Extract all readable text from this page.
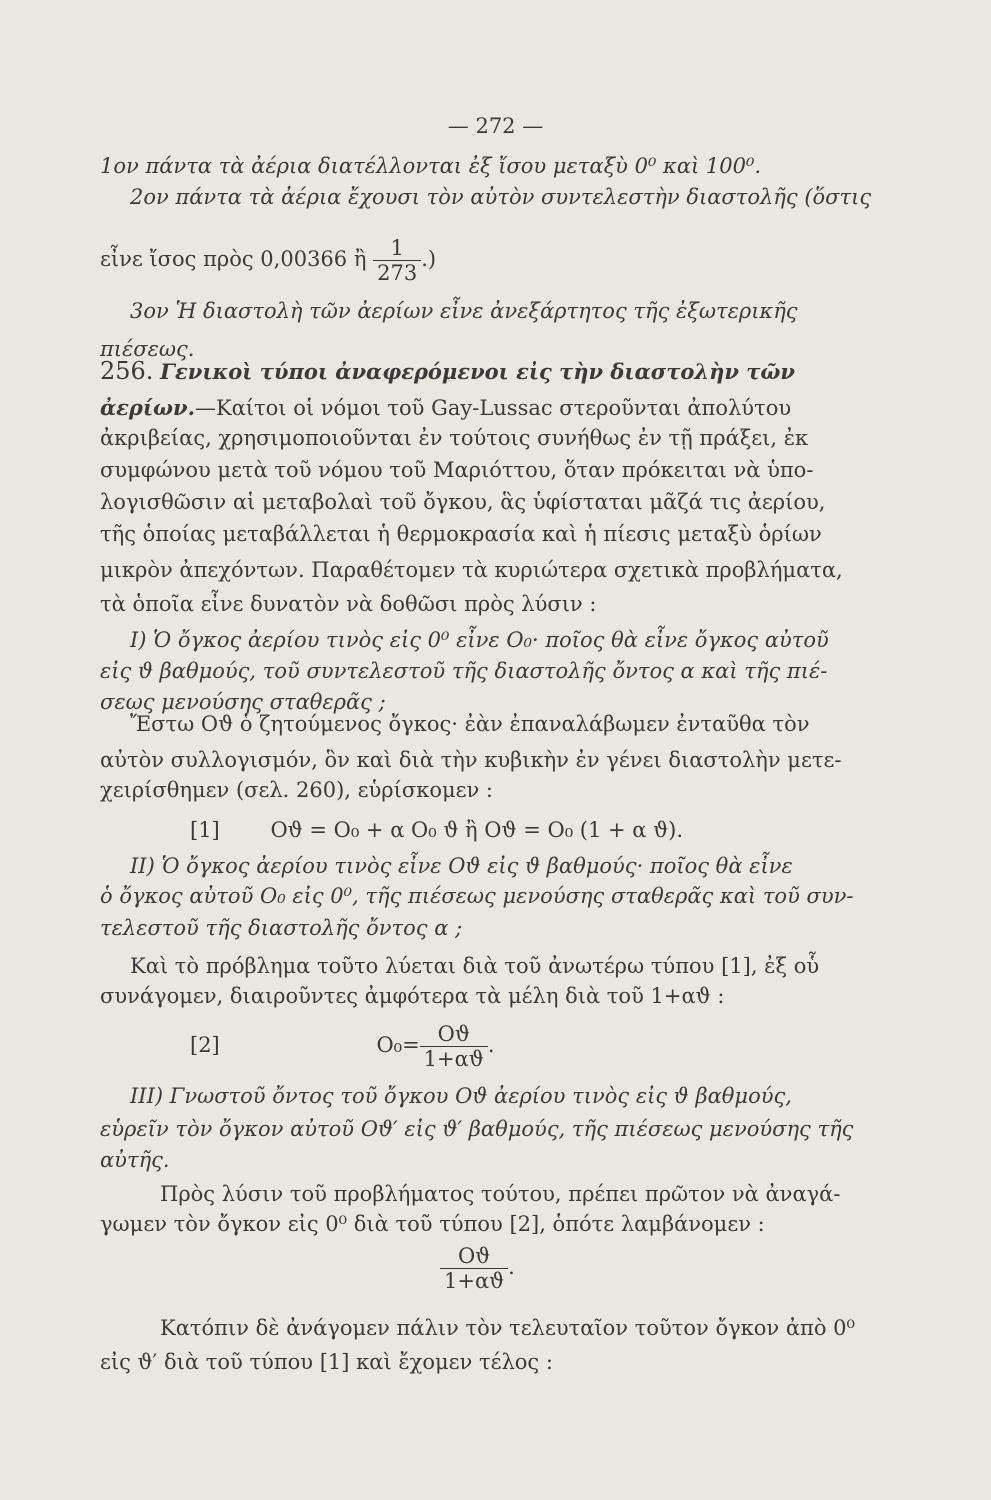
— 272 —
1ον πάντα τὰ ἀέρια διατέλλονται ἐξ ἴσου μεταξὺ 0⁰ καὶ 100⁰.
2ον πάντα τὰ ἀέρια ἔχουσι τὸν αὐτὸν συντελεστὴν διαστολῆς (ὅστις
εἶνε ἴσος πρὸς 0,00366 ἢ $\frac{1}{273}$ .)
3ον Ἡ διαστολὴ τῶν ἀερίων εἶνε ἀνεξάρτητος τῆς ἐξωτερικῆς
πιέσεως.
256. Γενικοὶ τύποι ἀναφερόμενοι εἰς τὴν διαστολὴν τῶν
ἀερίων.—Καίτοι οἱ νόμοι τοῦ Gay-Lussac στεροῦνται ἀπολύτου
ἀκριβείας, χρησιμοποιοῦνται ἐν τούτοις συνήθως ἐν τῇ πράξει, ἐκ
συμφώνου μετὰ τοῦ νόμου τοῦ Μαριόττου, ὅταν πρόκειται νὰ ὑπο-
λογισθῶσιν αἱ μεταβολαὶ τοῦ ὄγκου, ἃς ὑφίσταται μᾶζά τις ἀερίου,
τῆς ὁποίας μεταβάλλεται ἡ θερμοκρασία καὶ ἡ πίεσις μεταξὺ ὁρίων
μικρὸν ἀπεχόντων. Παραθέτομεν τὰ κυριώτερα σχετικὰ προβλήματα,
τὰ ὁποῖα εἶνε δυνατὸν νὰ δοθῶσι πρὸς λύσιν :
I) Ὁ ὄγκος ἀερίου τινὸς εἰς 0⁰ εἶνε O₀· ποῖος θὰ εἶνε ὄγκος αὐτοῦ
εἰς ϑ βαθμούς, τοῦ συντελεστοῦ τῆς διαστολῆς ὄντος α καὶ τῆς πιέ-
σεως μενούσης σταθερᾶς ;
Ἔστω Oϑ ὁ ζητούμενος ὄγκος· ἐὰν ἐπαναλάβωμεν ἐνταῦθα τὸν
αὐτὸν συλλογισμόν, ὃν καὶ διὰ τὴν κυβικὴν ἐν γένει διαστολὴν μετε-
χειρίσθημεν (σελ. 260), εὑρίσκομεν :
[1] Oϑ = O₀ + α O₀ ϑ ἢ Oϑ = O₀ (1 + α ϑ).
II) Ὁ ὄγκος ἀερίου τινὸς εἶνε Oϑ εἰς ϑ βαθμούς· ποῖος θὰ εἶνε
ὁ ὄγκος αὐτοῦ O₀ εἰς 0⁰, τῆς πιέσεως μενούσης σταθερᾶς καὶ τοῦ συν-
τελεστοῦ τῆς διαστολῆς ὄντος α ;
Καὶ τὸ πρόβλημα τοῦτο λύεται διὰ τοῦ ἀνωτέρω τύπου [1], ἐξ οὗ
συνάγομεν, διαιροῦντες ἀμφότερα τὰ μέλη διὰ τοῦ 1+αϑ :
[2]	$O_0= \frac{Oϑ}{1+\alpha ϑ}$ .
III) Γνωστοῦ ὄντος τοῦ ὄγκου Oϑ ἀερίου τινὸς εἰς ϑ βαθμούς,
εὑρεῖν τὸν ὄγκον αὐτοῦ Oϑ′ εἰς ϑ′ βαθμούς, τῆς πιέσεως μενούσης τῆς
αὐτῆς.
Πρὸς λύσιν τοῦ προβλήματος τούτου, πρέπει πρῶτον νὰ ἀναγά-
γωμεν τὸν ὄγκον εἰς 0⁰ διὰ τοῦ τύπου [2], ὁπότε λαμβάνομεν :
$\frac{Oϑ}{1+\alpha ϑ}$ .
Κατόπιν δὲ ἀνάγομεν πάλιν τὸν τελευταῖον τοῦτον ὄγκον ἀπὸ 0⁰
εἰς ϑ′ διὰ τοῦ τύπου [1] καὶ ἔχομεν τέλος :
